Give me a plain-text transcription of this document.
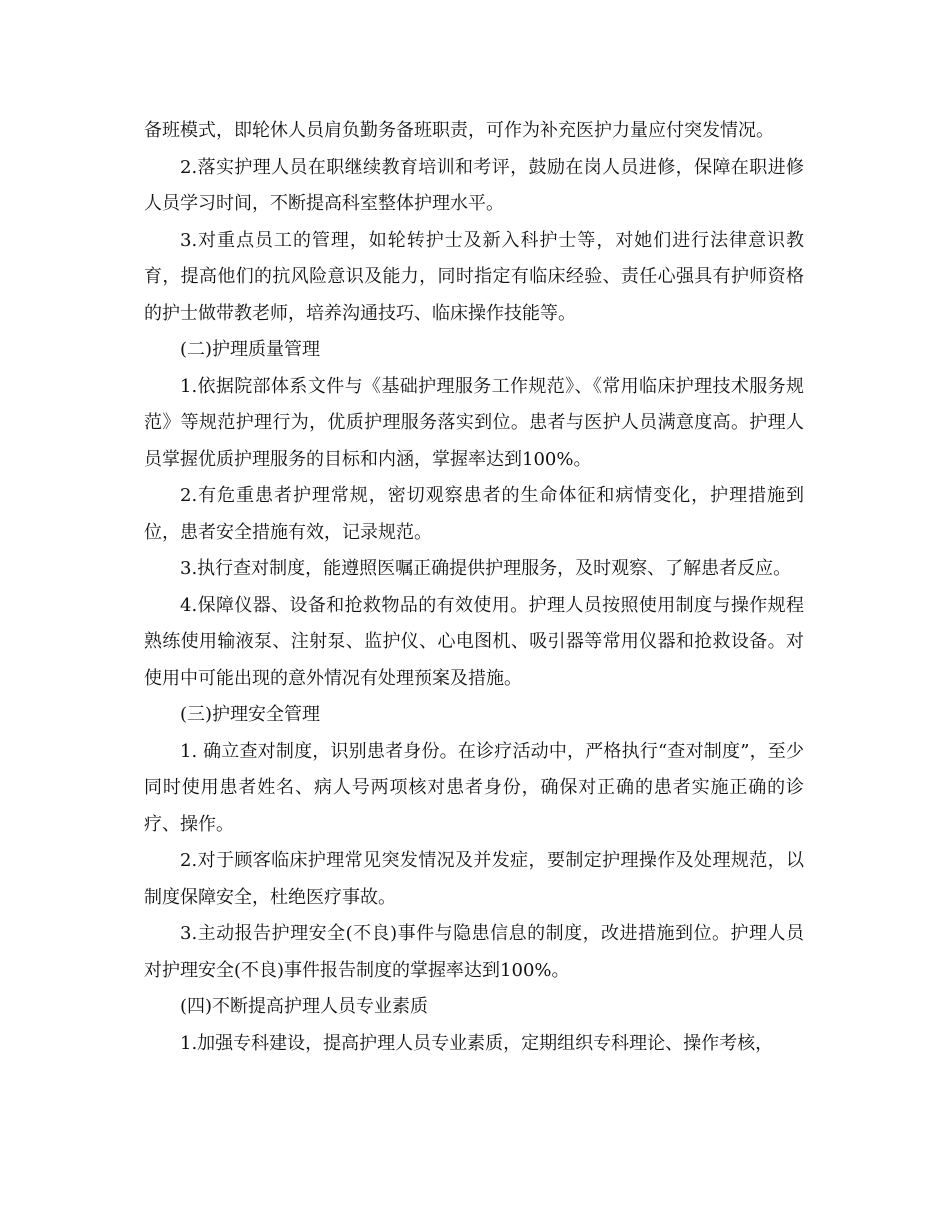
备班模式，即轮休人员肩负勤务备班职责，可作为补充医护力量应付突发情况。

2.落实护理人员在职继续教育培训和考评，鼓励在岗人员进修，保障在职进修人员学习时间，不断提高科室整体护理水平。

3.对重点员工的管理，如轮转护士及新入科护士等，对她们进行法律意识教育，提高他们的抗风险意识及能力，同时指定有临床经验、责任心强具有护师资格的护士做带教老师，培养沟通技巧、临床操作技能等。

(二)护理质量管理

1.依据院部体系文件与《基础护理服务工作规范》、《常用临床护理技术服务规范》等规范护理行为，优质护理服务落实到位。患者与医护人员满意度高。护理人员掌握优质护理服务的目标和内涵，掌握率达到100%。

2.有危重患者护理常规，密切观察患者的生命体征和病情变化，护理措施到位，患者安全措施有效，记录规范。

3.执行查对制度，能遵照医嘱正确提供护理服务，及时观察、了解患者反应。

4.保障仪器、设备和抢救物品的有效使用。护理人员按照使用制度与操作规程熟练使用输液泵、注射泵、监护仪、心电图机、吸引器等常用仪器和抢救设备。对使用中可能出现的意外情况有处理预案及措施。

(三)护理安全管理

1. 确立查对制度，识别患者身份。在诊疗活动中，严格执行“查对制度”，至少同时使用患者姓名、病人号两项核对患者身份，确保对正确的患者实施正确的诊疗、操作。

2.对于顾客临床护理常见突发情况及并发症，要制定护理操作及处理规范，以制度保障安全，杜绝医疗事故。

3.主动报告护理安全(不良)事件与隐患信息的制度，改进措施到位。护理人员对护理安全(不良)事件报告制度的掌握率达到100%。

(四)不断提高护理人员专业素质

1.加强专科建设，提高护理人员专业素质，定期组织专科理论、操作考核，
